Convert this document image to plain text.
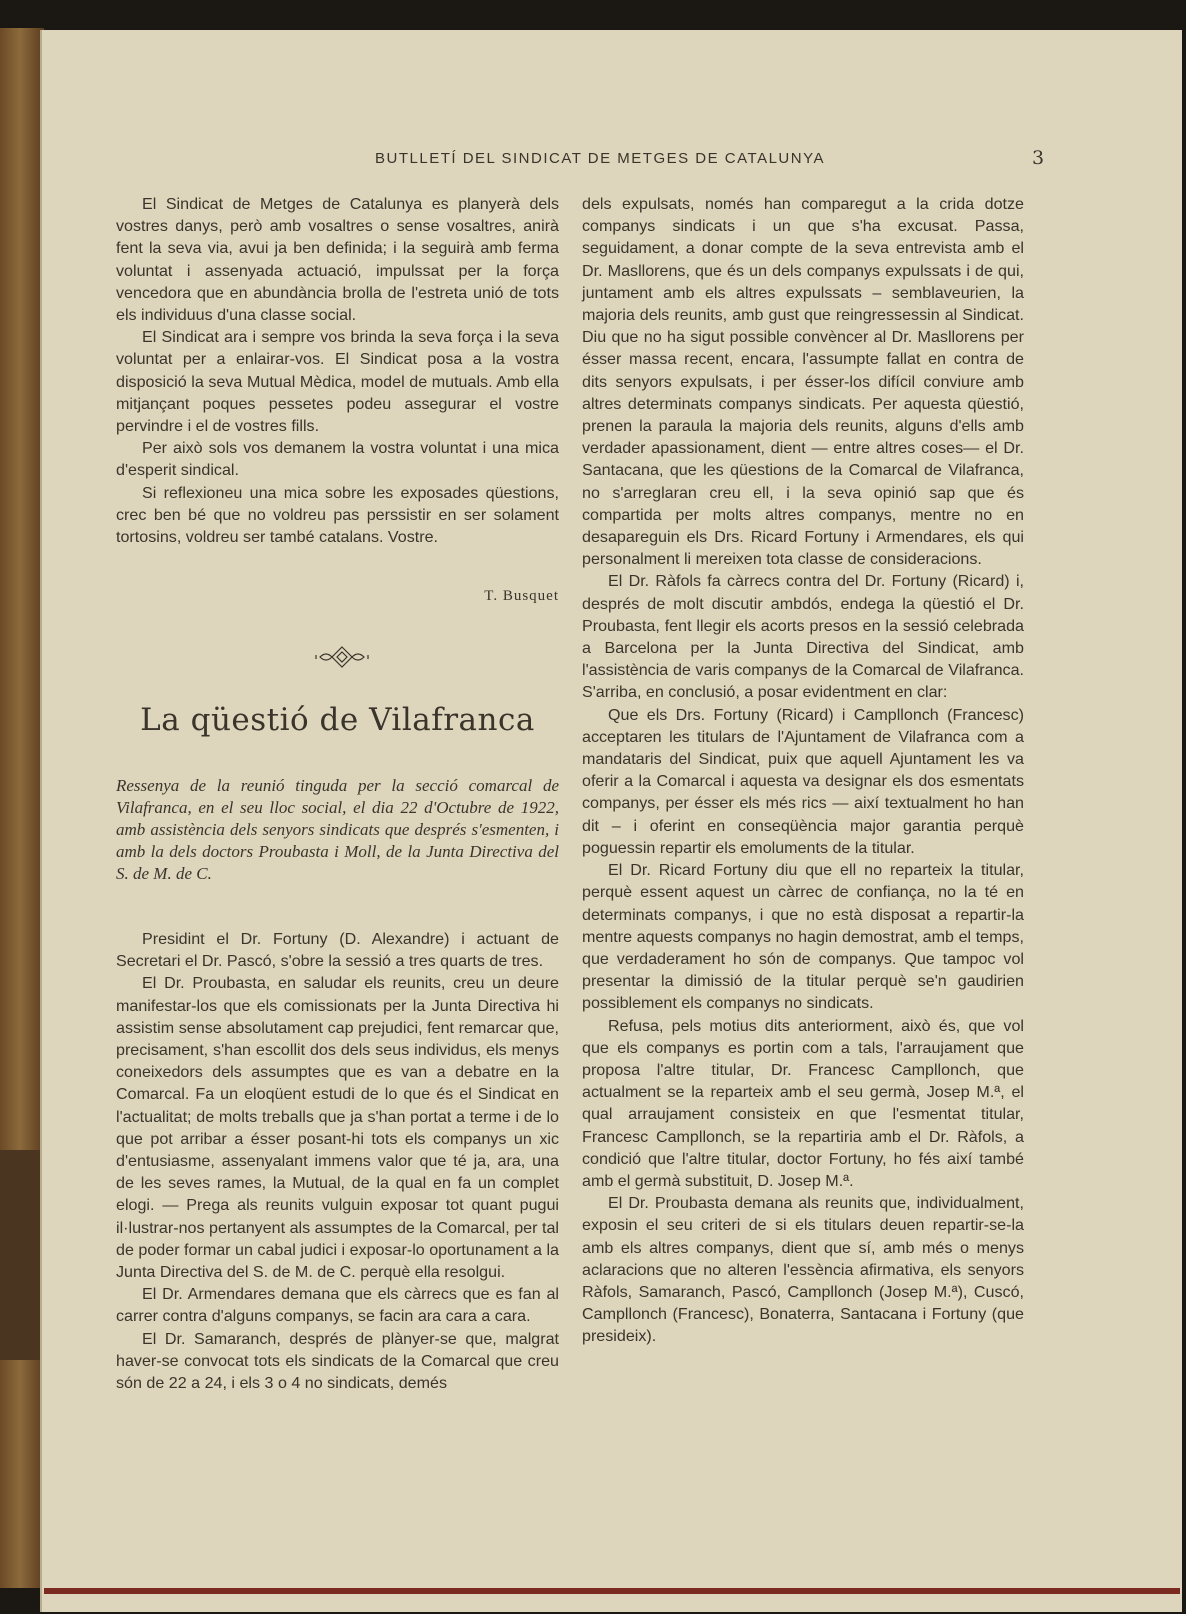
BUTLLETÍ DEL SINDICAT DE METGES DE CATALUNYA	3

El Sindicat de Metges de Catalunya es planyerà dels vostres danys, però amb vosaltres o sense vosaltres, anirà fent la seva via, avui ja ben definida; i la seguirà amb ferma voluntat i assenyada actuació, impulssat per la força vencedora que en abundància brolla de l'estreta unió de tots els individuus d'una classe social.

El Sindicat ara i sempre vos brinda la seva força i la seva voluntat per a enlairar-vos. El Sindicat posa a la vostra disposició la seva Mutual Mèdica, model de mutuals. Amb ella mitjançant poques pessetes podeu assegurar el vostre pervindre i el de vostres fills.

Per això sols vos demanem la vostra voluntat i una mica d'esperit sindical.

Si reflexioneu una mica sobre les exposades qüestions, crec ben bé que no voldreu pas perssistir en ser solament tortosins, voldreu ser també catalans. Vostre.

T. Busquet
La qüestió de Vilafranca
Ressenya de la reunió tinguda per la secció comarcal de Vilafranca, en el seu lloc social, el dia 22 d'Octubre de 1922, amb assistència dels senyors sindicats que després s'esmenten, i amb la dels doctors Proubasta i Moll, de la Junta Directiva del S. de M. de C.

Presidint el Dr. Fortuny (D. Alexandre) i actuant de Secretari el Dr. Pascó, s'obre la sessió a tres quarts de tres.

El Dr. Proubasta, en saludar els reunits, creu un deure manifestar-los que els comissionats per la Junta Directiva hi assistim sense absolutament cap prejudici, fent remarcar que, precisament, s'han escollit dos dels seus individus, els menys coneixedors dels assumptes que es van a debatre en la Comarcal. Fa un eloqüent estudi de lo que és el Sindicat en l'actualitat; de molts treballs que ja s'han portat a terme i de lo que pot arribar a ésser posant-hi tots els companys un xic d'entusiasme, assenyalant immens valor que té ja, ara, una de les seves rames, la Mutual, de la qual en fa un complet elogi. — Prega als reunits vulguin exposar tot quant pugui il·lustrar-nos pertanyent als assumptes de la Comarcal, per tal de poder formar un cabal judici i exposar-lo oportunament a la Junta Directiva del S. de M. de C. perquè ella resolgui.

El Dr. Armendares demana que els càrrecs que es fan al carrer contra d'alguns companys, se facin ara cara a cara.

El Dr. Samaranch, després de plànyer-se que, malgrat haver-se convocat tots els sindicats de la Comarcal que creu són de 22 a 24, i els 3 o 4 no sindicats, demés

dels expulsats, només han comparegut a la crida dotze companys sindicats i un que s'ha excusat. Passa, seguidament, a donar compte de la seva entrevista amb el Dr. Masllorens, que és un dels companys expulssats i de qui, juntament amb els altres expulssats – semblaveurien, la majoria dels reunits, amb gust que reingressessin al Sindicat. Diu que no ha sigut possible convèncer al Dr. Masllorens per ésser massa recent, encara, l'assumpte fallat en contra de dits senyors expulsats, i per ésser-los difícil conviure amb altres determinats companys sindicats. Per aquesta qüestió, prenen la paraula la majoria dels reunits, alguns d'ells amb verdader apassionament, dient — entre altres coses— el Dr. Santacana, que les qüestions de la Comarcal de Vilafranca, no s'arreglaran creu ell, i la seva opinió sap que és compartida per molts altres companys, mentre no en desapareguin els Drs. Ricard Fortuny i Armendares, els qui personalment li mereixen tota classe de consideracions.

El Dr. Ràfols fa càrrecs contra del Dr. Fortuny (Ricard) i, després de molt discutir ambdós, endega la qüestió el Dr. Proubasta, fent llegir els acorts presos en la sessió celebrada a Barcelona per la Junta Directiva del Sindicat, amb l'assistència de varis companys de la Comarcal de Vilafranca. S'arriba, en conclusió, a posar evidentment en clar:

Que els Drs. Fortuny (Ricard) i Campllonch (Francesc) acceptaren les titulars de l'Ajuntament de Vilafranca com a mandataris del Sindicat, puix que aquell Ajuntament les va oferir a la Comarcal i aquesta va designar els dos esmentats companys, per ésser els més rics — així textualment ho han dit – i oferint en conseqüència major garantia perquè poguessin repartir els emoluments de la titular.

El Dr. Ricard Fortuny diu que ell no reparteix la titular, perquè essent aquest un càrrec de confiança, no la té en determinats companys, i que no està disposat a repartir-la mentre aquests companys no hagin demostrat, amb el temps, que verdaderament ho són de companys. Que tampoc vol presentar la dimissió de la titular perquè se'n gaudirien possiblement els companys no sindicats.

Refusa, pels motius dits anteriorment, això és, que vol que els companys es portin com a tals, l'arraujament que proposa l'altre titular, Dr. Francesc Campllonch, que actualment se la reparteix amb el seu germà, Josep M.ª, el qual arraujament consisteix en que l'esmentat titular, Francesc Campllonch, se la repartiria amb el Dr. Ràfols, a condició que l'altre titular, doctor Fortuny, ho fés així també amb el germà substituit, D. Josep M.ª.

El Dr. Proubasta demana als reunits que, individualment, exposin el seu criteri de si els titulars deuen repartir-se-la amb els altres companys, dient que sí, amb més o menys aclaracions que no alteren l'essència afirmativa, els senyors Ràfols, Samaranch, Pascó, Campllonch (Josep M.ª), Cuscó, Campllonch (Francesc), Bonaterra, Santacana i Fortuny (que presideix).
